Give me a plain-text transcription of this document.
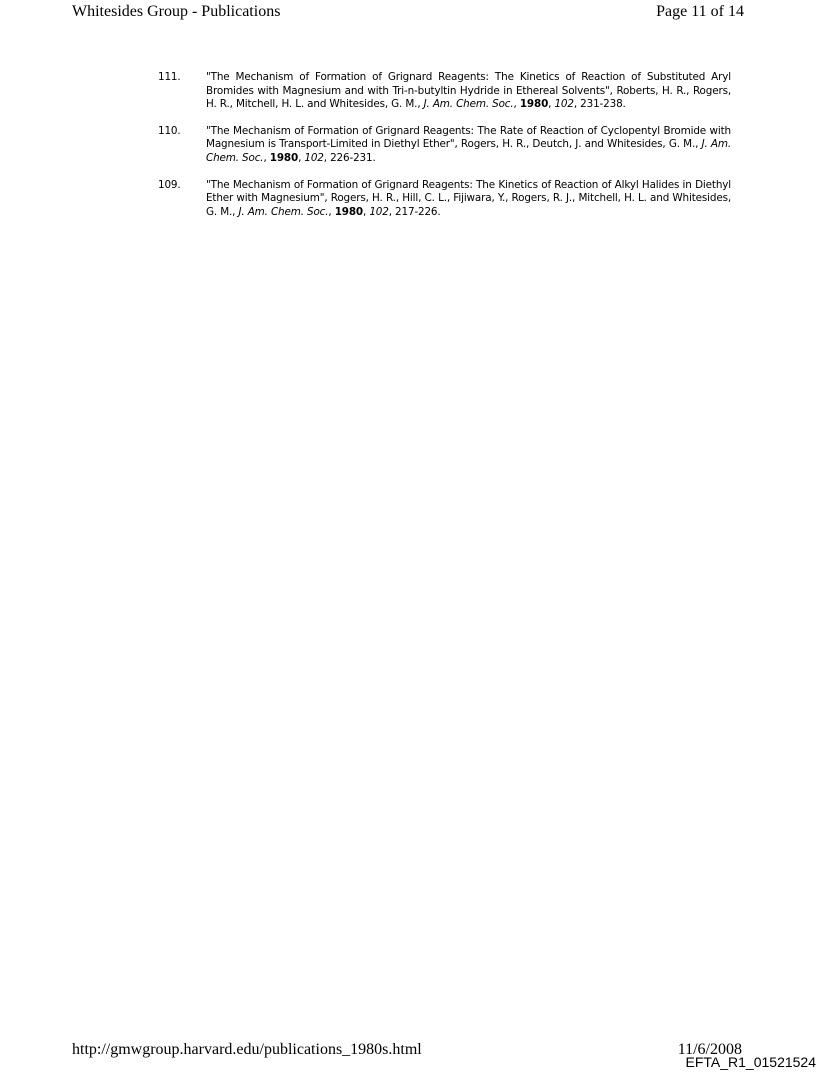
Whitesides Group - Publications	Page 11 of 14
111.	"The Mechanism of Formation of Grignard Reagents: The Kinetics of Reaction of Substituted Aryl Bromides with Magnesium and with Tri-n-butyltin Hydride in Ethereal Solvents", Roberts, H. R., Rogers, H. R., Mitchell, H. L. and Whitesides, G. M., J. Am. Chem. Soc., 1980, 102, 231-238.
110.	"The Mechanism of Formation of Grignard Reagents: The Rate of Reaction of Cyclopentyl Bromide with Magnesium is Transport-Limited in Diethyl Ether", Rogers, H. R., Deutch, J. and Whitesides, G. M., J. Am. Chem. Soc., 1980, 102, 226-231.
109.	"The Mechanism of Formation of Grignard Reagents: The Kinetics of Reaction of Alkyl Halides in Diethyl Ether with Magnesium", Rogers, H. R., Hill, C. L., Fijiwara, Y., Rogers, R. J., Mitchell, H. L. and Whitesides, G. M., J. Am. Chem. Soc., 1980, 102, 217-226.
http://gmwgroup.harvard.edu/publications_1980s.html	11/6/2008
EFTA_R1_01521524
